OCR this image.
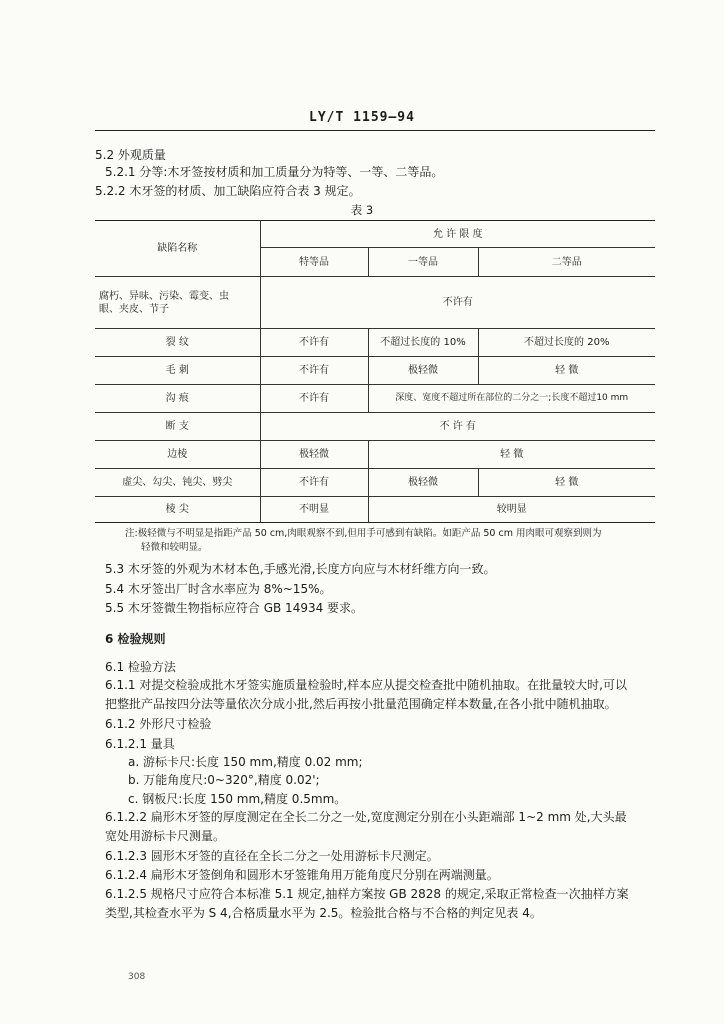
LY/T 1159—94
5.2 外观质量
5.2.1 分等:木牙签按材质和加工质量分为特等、一等、二等品。
5.2.2 木牙签的材质、加工缺陷应符合表 3 规定。
表 3
缺陷名称	允 许 限 度		
	特等品	一等品	二等品

腐朽、异味、污染、霉变、虫
眼、夹皮、节子	不许有		
裂 纹	不许有	不超过长度的 10%	不超过长度的 20%
毛 刺	不许有	极轻微	轻 微
沟 痕	不许有	深度、宽度不超过所在部位的二分之一;长度不超过10 mm	
断 支	不 许 有		
边棱	极轻微	轻 微	
虚尖、勾尖、钝尖、劈尖	不许有	极轻微	轻 微
棱 尖	不明显	较明显	
注:极轻微与不明显是指距产品 50 cm,肉眼观察不到,但用手可感到有缺陷。如距产品 50 cm 用肉眼可观察到则为
轻微和较明显。
5.3 木牙签的外观为木材本色,手感光滑,长度方向应与木材纤维方向一致。
5.4 木牙签出厂时含水率应为 8%~15%。
5.5 木牙签微生物指标应符合 GB 14934 要求。
6 检验规则
6.1 检验方法
6.1.1 对提交检验成批木牙签实施质量检验时,样本应从提交检查批中随机抽取。在批量较大时,可以
把整批产品按四分法等量依次分成小批,然后再按小批量范围确定样本数量,在各小批中随机抽取。
6.1.2 外形尺寸检验
6.1.2.1 量具
a. 游标卡尺:长度 150 mm,精度 0.02 mm;
b. 万能角度尺:0~320°,精度 0.02';
c. 钢板尺:长度 150 mm,精度 0.5mm。
6.1.2.2 扁形木牙签的厚度测定在全长二分之一处,宽度测定分别在小头距端部 1~2 mm 处,大头最
宽处用游标卡尺测量。
6.1.2.3 圆形木牙签的直径在全长二分之一处用游标卡尺测定。
6.1.2.4 扁形木牙签倒角和圆形木牙签锥角用万能角度尺分别在两端测量。
6.1.2.5 规格尺寸应符合本标准 5.1 规定,抽样方案按 GB 2828 的规定,采取正常检查一次抽样方案
类型,其检查水平为 S 4,合格质量水平为 2.5。检验批合格与不合格的判定见表 4。
308
